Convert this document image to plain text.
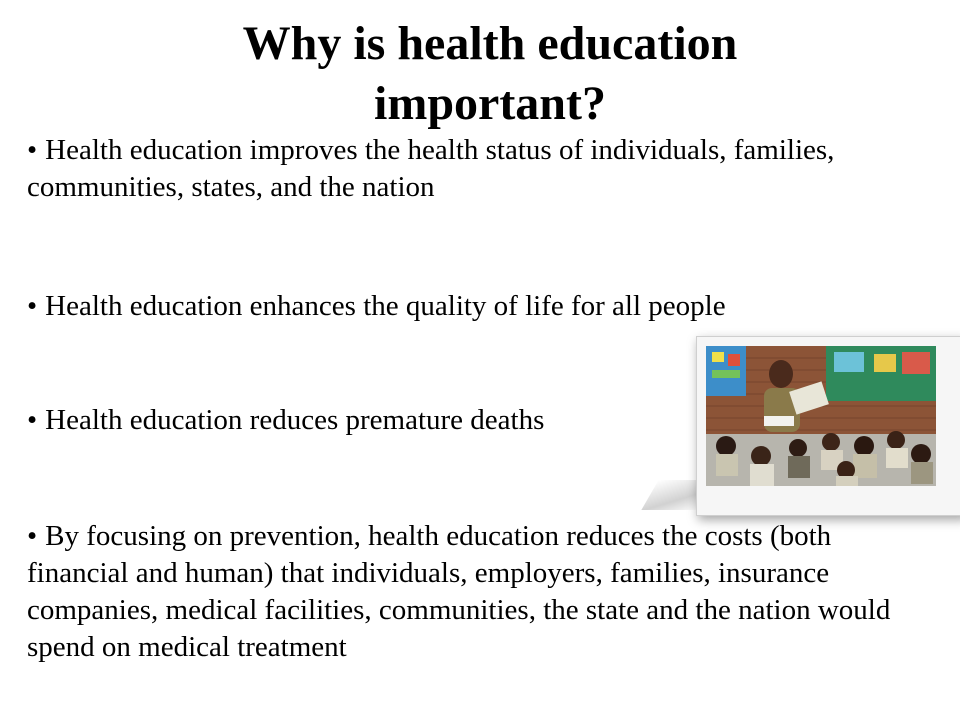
Why is health education important?

• Health education improves the health status of individuals, families, communities, states, and the nation

• Health education enhances the quality of life for all people

• Health education reduces premature deaths

• By focusing on prevention, health education reduces the costs (both financial and human) that individuals, employers, families, insurance companies, medical facilities, communities, the state and the nation would spend on medical treatment
